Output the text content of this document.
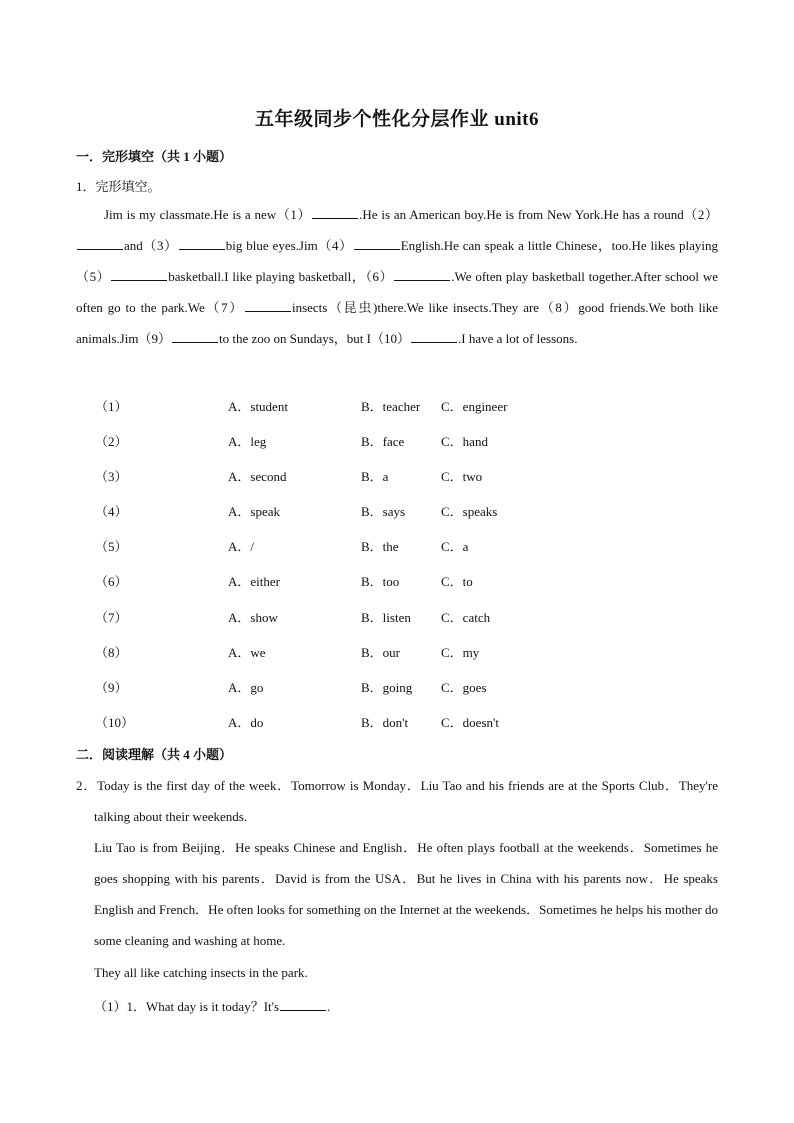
五年级同步个性化分层作业 unit6
一．完形填空（共 1 小题）
1．完形填空。
Jim is my classmate.He is a new（1）	.He is an American boy.He is from New York.He has a round（2）and（3）	big blue eyes.Jim（4）	English.He can speak a little Chinese，too.He likes playing（5）	basketball.I like playing basketball，（6）	.We often play basketball together.After school we often go to the park.We（7）	insects（昆虫)there.We like insects.They are（8）good friends.We both like animals.Jim（9）	to the zoo on Sundays，but I（10）	.I have a lot of lessons.
（1）	A．student	B．teacher C．engineer
（2）	A．leg	B．face	C．hand
（3）	A．second	B．a	C．two
（4）	A．speak	B．says	C．speaks
（5）	A．/	B．the	C．a
（6）	A．either	B．too	C．to
（7）	A．show	B．listen C．catch
（8）	A．we	B．our	C．my
（9）	A．go	B．going C．goes
（10）	A．do	B．don't	C．doesn't
二．阅读理解（共 4 小题）
2．Today is the first day of the week．Tomorrow is Monday．Liu Tao and his friends are at the Sports Club．They're talking about their weekends.
Liu Tao is from Beijing．He speaks Chinese and English．He often plays football at the weekends．Sometimes he goes shopping with his parents．David is from the USA．But he lives in China with his parents now．He speaks English and French．He often looks for something on the Internet at the weekends．Sometimes he helps his mother do some cleaning and washing at home.
They all like catching insects in the park.
（1）1．What day is it today？It's	.
